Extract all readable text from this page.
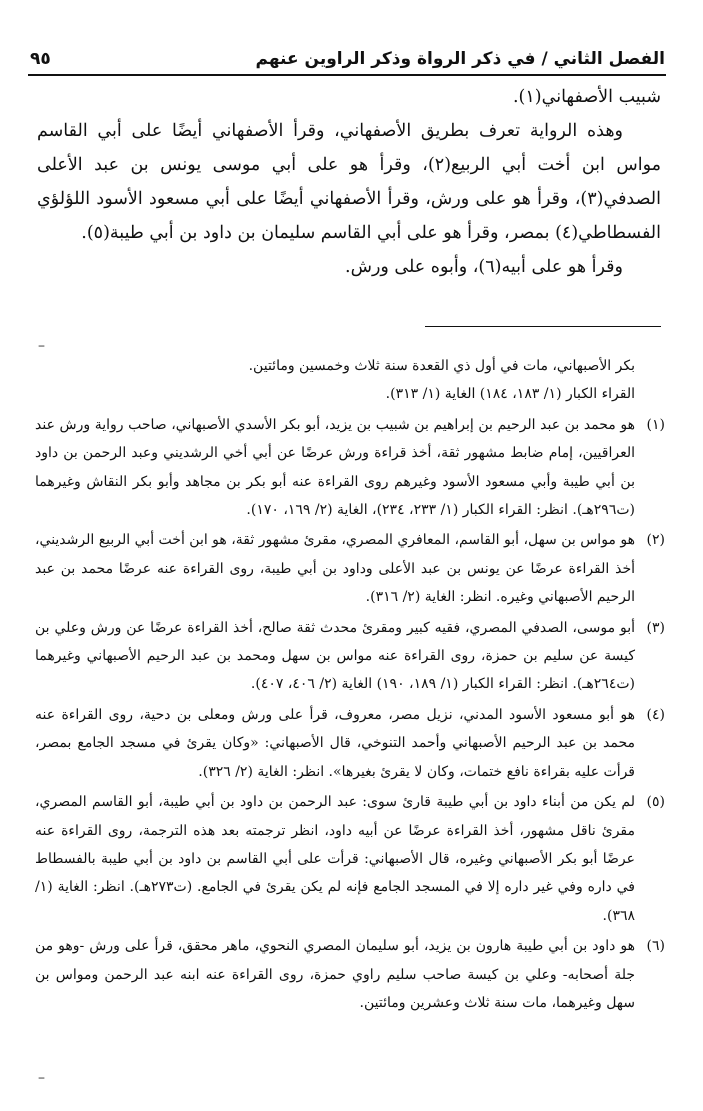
الفصل الثاني / في ذكر الرواة وذكر الراوين عنهم
٩٥

شبيب الأصفهاني(١).

وهذه الرواية تعرف بطريق الأصفهاني، وقرأ الأصفهاني أيضًا على أبي القاسم مواس ابن أخت أبي الربيع(٢)، وقرأ هو على أبي موسى يونس بن عبد الأعلى الصدفي(٣)، وقرأ هو على ورش، وقرأ الأصفهاني أيضًا على أبي مسعود الأسود اللؤلؤي الفسطاطي(٤) بمصر، وقرأ هو على أبي القاسم سليمان بن داود بن أبي طيبة(٥).

وقرأ هو على أبيه(٦)، وأبوه على ورش.

بكر الأصبهاني، مات في أول ذي القعدة سنة ثلاث وخمسين ومائتين.

القراء الكبار (١/ ١٨٣، ١٨٤) الغاية (١/ ٣١٣).

(١)
هو محمد بن عبد الرحيم بن إبراهيم بن شبيب بن يزيد، أبو بكر الأسدي الأصبهاني، صاحب رواية ورش عند العراقيين، إمام ضابط مشهور ثقة، أخذ قراءة ورش عرضًا عن أبي أخي الرشديني وعبد الرحمن بن داود بن أبي طيبة وأبي مسعود الأسود وغيرهم روى القراءة عنه أبو بكر بن مجاهد وأبو بكر النقاش وغيرهما (ت٢٩٦هـ). انظر: القراء الكبار (١/ ٢٣٣، ٢٣٤)، الغاية (٢/ ١٦٩، ١٧٠).
(٢)
هو مواس بن سهل، أبو القاسم، المعافري المصري، مقرئ مشهور ثقة، هو ابن أخت أبي الربيع الرشديني، أخذ القراءة عرضًا عن يونس بن عبد الأعلى وداود بن أبي طيبة، روى القراءة عنه عرضًا محمد بن عبد الرحيم الأصبهاني وغيره. انظر: الغاية (٢/ ٣١٦).
(٣)
أبو موسى، الصدفي المصري، فقيه كبير ومقرئ محدث ثقة صالح، أخذ القراءة عرضًا عن ورش وعلي بن كيسة عن سليم بن حمزة، روى القراءة عنه مواس بن سهل ومحمد بن عبد الرحيم الأصبهاني وغيرهما (ت٢٦٤هـ). انظر: القراء الكبار (١/ ١٨٩، ١٩٠) الغاية (٢/ ٤٠٦، ٤٠٧).
(٤)
هو أبو مسعود الأسود المدني، نزيل مصر، معروف، قرأ على ورش ومعلى بن دحية، روى القراءة عنه محمد بن عبد الرحيم الأصبهاني وأحمد التنوخي، قال الأصبهاني: «وكان يقرئ في مسجد الجامع بمصر، قرأت عليه بقراءة نافع ختمات، وكان لا يقرئ بغيرها». انظر: الغاية (٢/ ٣٢٦).
(٥)
لم يكن من أبناء داود بن أبي طيبة قارئ سوى: عبد الرحمن بن داود بن أبي طيبة، أبو القاسم المصري، مقرئ ناقل مشهور، أخذ القراءة عرضًا عن أبيه داود، انظر ترجمته بعد هذه الترجمة، روى القراءة عنه عرضًا أبو بكر الأصبهاني وغيره، قال الأصبهاني: قرأت على أبي القاسم بن داود بن أبي طيبة بالفسطاط في داره وفي غير داره إلا في المسجد الجامع فإنه لم يكن يقرئ في الجامع. (ت٢٧٣هـ). انظر: الغاية (١/ ٣٦٨).
(٦)
هو داود بن أبي طيبة هارون بن يزيد، أبو سليمان المصري النحوي، ماهر محقق، قرأ على ورش -وهو من جلة أصحابه- وعلي بن كيسة صاحب سليم راوي حمزة، روى القراءة عنه ابنه عبد الرحمن ومواس بن سهل وغيرهما، مات سنة ثلاث وعشرين ومائتين.
–
–
